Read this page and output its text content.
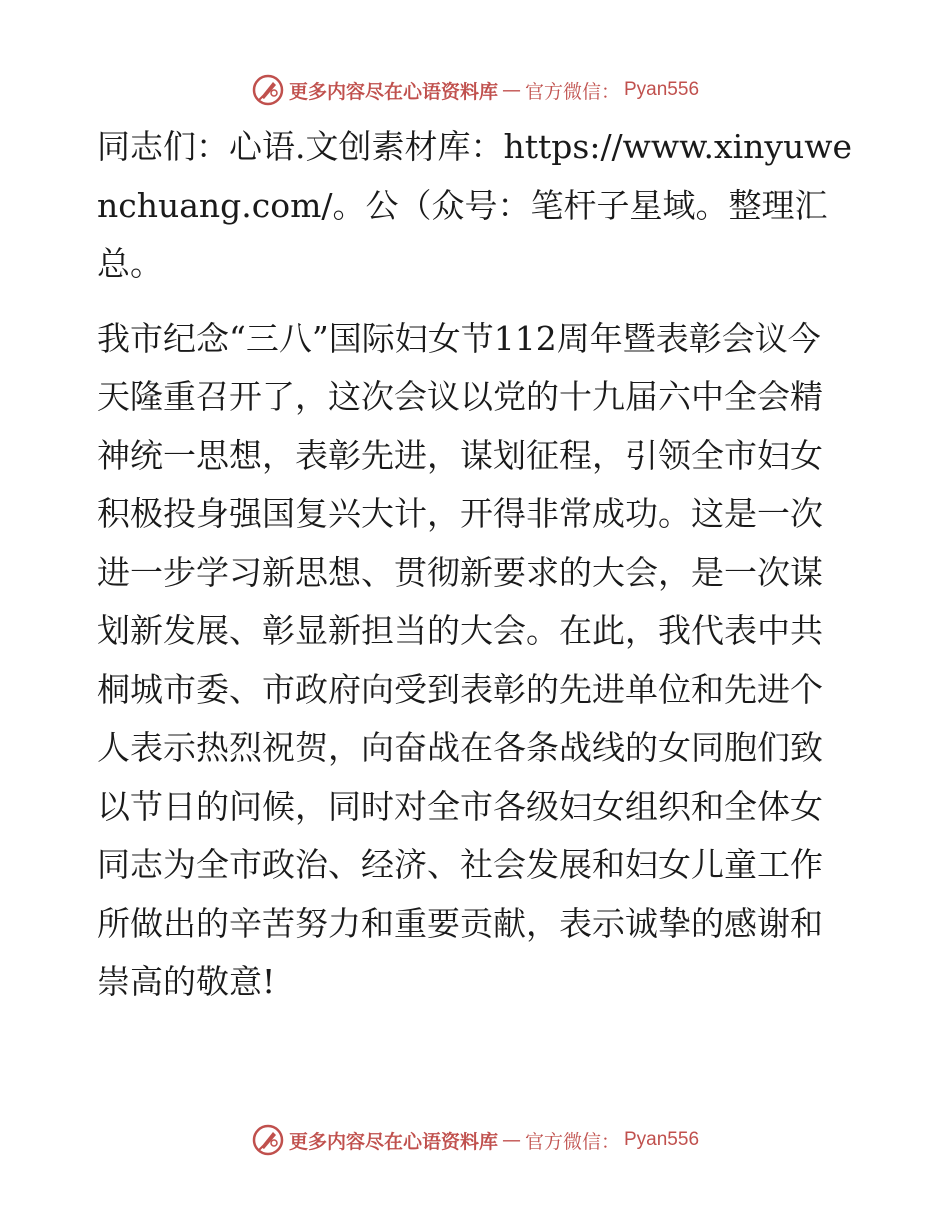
更多内容尽在心语资料库 — 官方微信： Pyan556

同志们：心语.文创素材库：https://www.xinyuwenchuang.com/。公（众号：笔杆子星域。整理汇总。

我市纪念“三八”国际妇女节112周年暨表彰会议今天隆重召开了，这次会议以党的十九届六中全会精神统一思想，表彰先进，谋划征程，引领全市妇女积极投身强国复兴大计，开得非常成功。这是一次进一步学习新思想、贯彻新要求的大会，是一次谋划新发展、彰显新担当的大会。在此，我代表中共桐城市委、市政府向受到表彰的先进单位和先进个人表示热烈祝贺，向奋战在各条战线的女同胞们致以节日的问候，同时对全市各级妇女组织和全体女同志为全市政治、经济、社会发展和妇女儿童工作所做出的辛苦努力和重要贡献，表示诚挚的感谢和崇高的敬意!

更多内容尽在心语资料库 — 官方微信： Pyan556
